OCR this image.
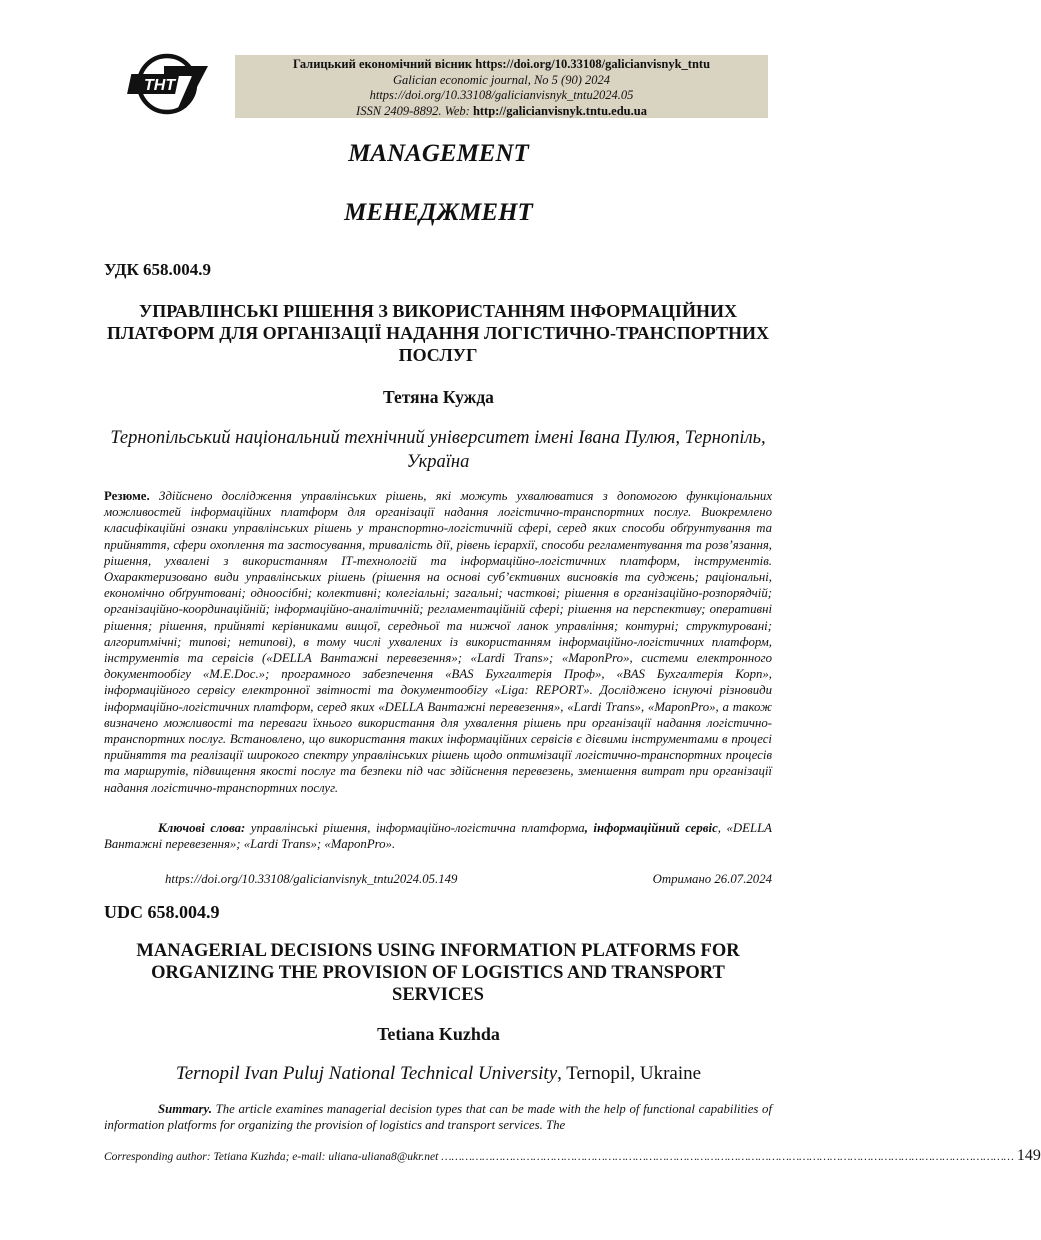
ТНТ
Галицький економічний вісник https://doi.org/10.33108/galicianvisnyk_tntu
Galician economic journal, No 5 (90) 2024
https://doi.org/10.33108/galicianvisnyk_tntu2024.05
ISSN 2409-8892. Web: http://galicianvisnyk.tntu.edu.ua
MANAGEMENT
МЕНЕДЖМЕНТ
УДК 658.004.9
УПРАВЛІНСЬКІ РІШЕННЯ З ВИКОРИСТАННЯМ ІНФОРМАЦІЙНИХ ПЛАТФОРМ ДЛЯ ОРГАНІЗАЦІЇ НАДАННЯ ЛОГІСТИЧНО-ТРАНСПОРТНИХ ПОСЛУГ
Тетяна Кужда
Тернопільський національний технічний університет імені Івана Пулюя, Тернопіль, Україна
Резюме. Здійснено дослідження управлінських рішень, які можуть ухвалюватися з допомогою функціональних можливостей інформаційних платформ для організації надання логістично-транспортних послуг. Виокремлено класифікаційні ознаки управлінських рішень у транспортно-логістичній сфері, серед яких способи обґрунтування та прийняття, сфери охоплення та застосування, тривалість дії, рівень ієрархії, способи регламентування та розв’язання, рішення, ухвалені з використанням ІТ-технологій та інформаційно-логістичних платформ, інструментів. Охарактеризовано види управлінських рішень (рішення на основі суб’єктивних висновків та суджень; раціональні, економічно обґрунтовані; одноосібні; колективні; колегіальні; загальні; часткові; рішення в організаційно-розпорядчій; організаційно-координаційній; інформаційно-аналітичній; регламентаційній сфері; рішення на перспективу; оперативні рішення; рішення, прийняті керівниками вищої, середньої та нижчої ланок управління; контурні; структуровані; алгоритмічні; типові; нетипові), в тому числі ухвалених із використанням інформаційно-логістичних платформ, інструментів та сервісів («DELLA Вантажні перевезення»; «Lardi Trans»; «МаропPro», системи електронного документообігу «M.E.Doc.»; програмного забезпечення «BAS Бухгалтерія Проф», «BAS Бухгалтерія Корп», інформаційного сервісу електронної звітності та документообігу «Liga: REPORT». Досліджено існуючі різновиди інформаційно-логістичних платформ, серед яких «DELLA Вантажні перевезення», «Lardi Trans», «МаропPro», а також визначено можливості та переваги їхнього використання для ухвалення рішень при організації надання логістично-транспортних послуг. Встановлено, що використання таких інформаційних сервісів є дієвими інструментами в процесі прийняття та реалізації широкого спектру управлінських рішень щодо оптимізації логістично-транспортних процесів та маршрутів, підвищення якості послуг та безпеки під час здійснення перевезень, зменшення витрат при організації надання логістично-транспортних послуг.
Ключові слова: управлінські рішення, інформаційно-логістична платформа, інформаційний сервіс, «DELLA Вантажні перевезення»; «Lardi Trans»; «МаропPro».
https://doi.org/10.33108/galicianvisnyk_tntu2024.05.149	Отримано 26.07.2024
UDC 658.004.9
MANAGERIAL DECISIONS USING INFORMATION PLATFORMS FOR ORGANIZING THE PROVISION OF LOGISTICS AND TRANSPORT SERVICES
Tetiana Kuzhda
Ternopil Ivan Puluj National Technical University, Ternopil, Ukraine
Summary. The article examines managerial decision types that can be made with the help of functional capabilities of information platforms for organizing the provision of logistics and transport services. The
Corresponding author: Tetiana Kuzhda; e-mail: uliana-uliana8@ukr.net …………………………………………………………………………………………………………………………………………………… 149
